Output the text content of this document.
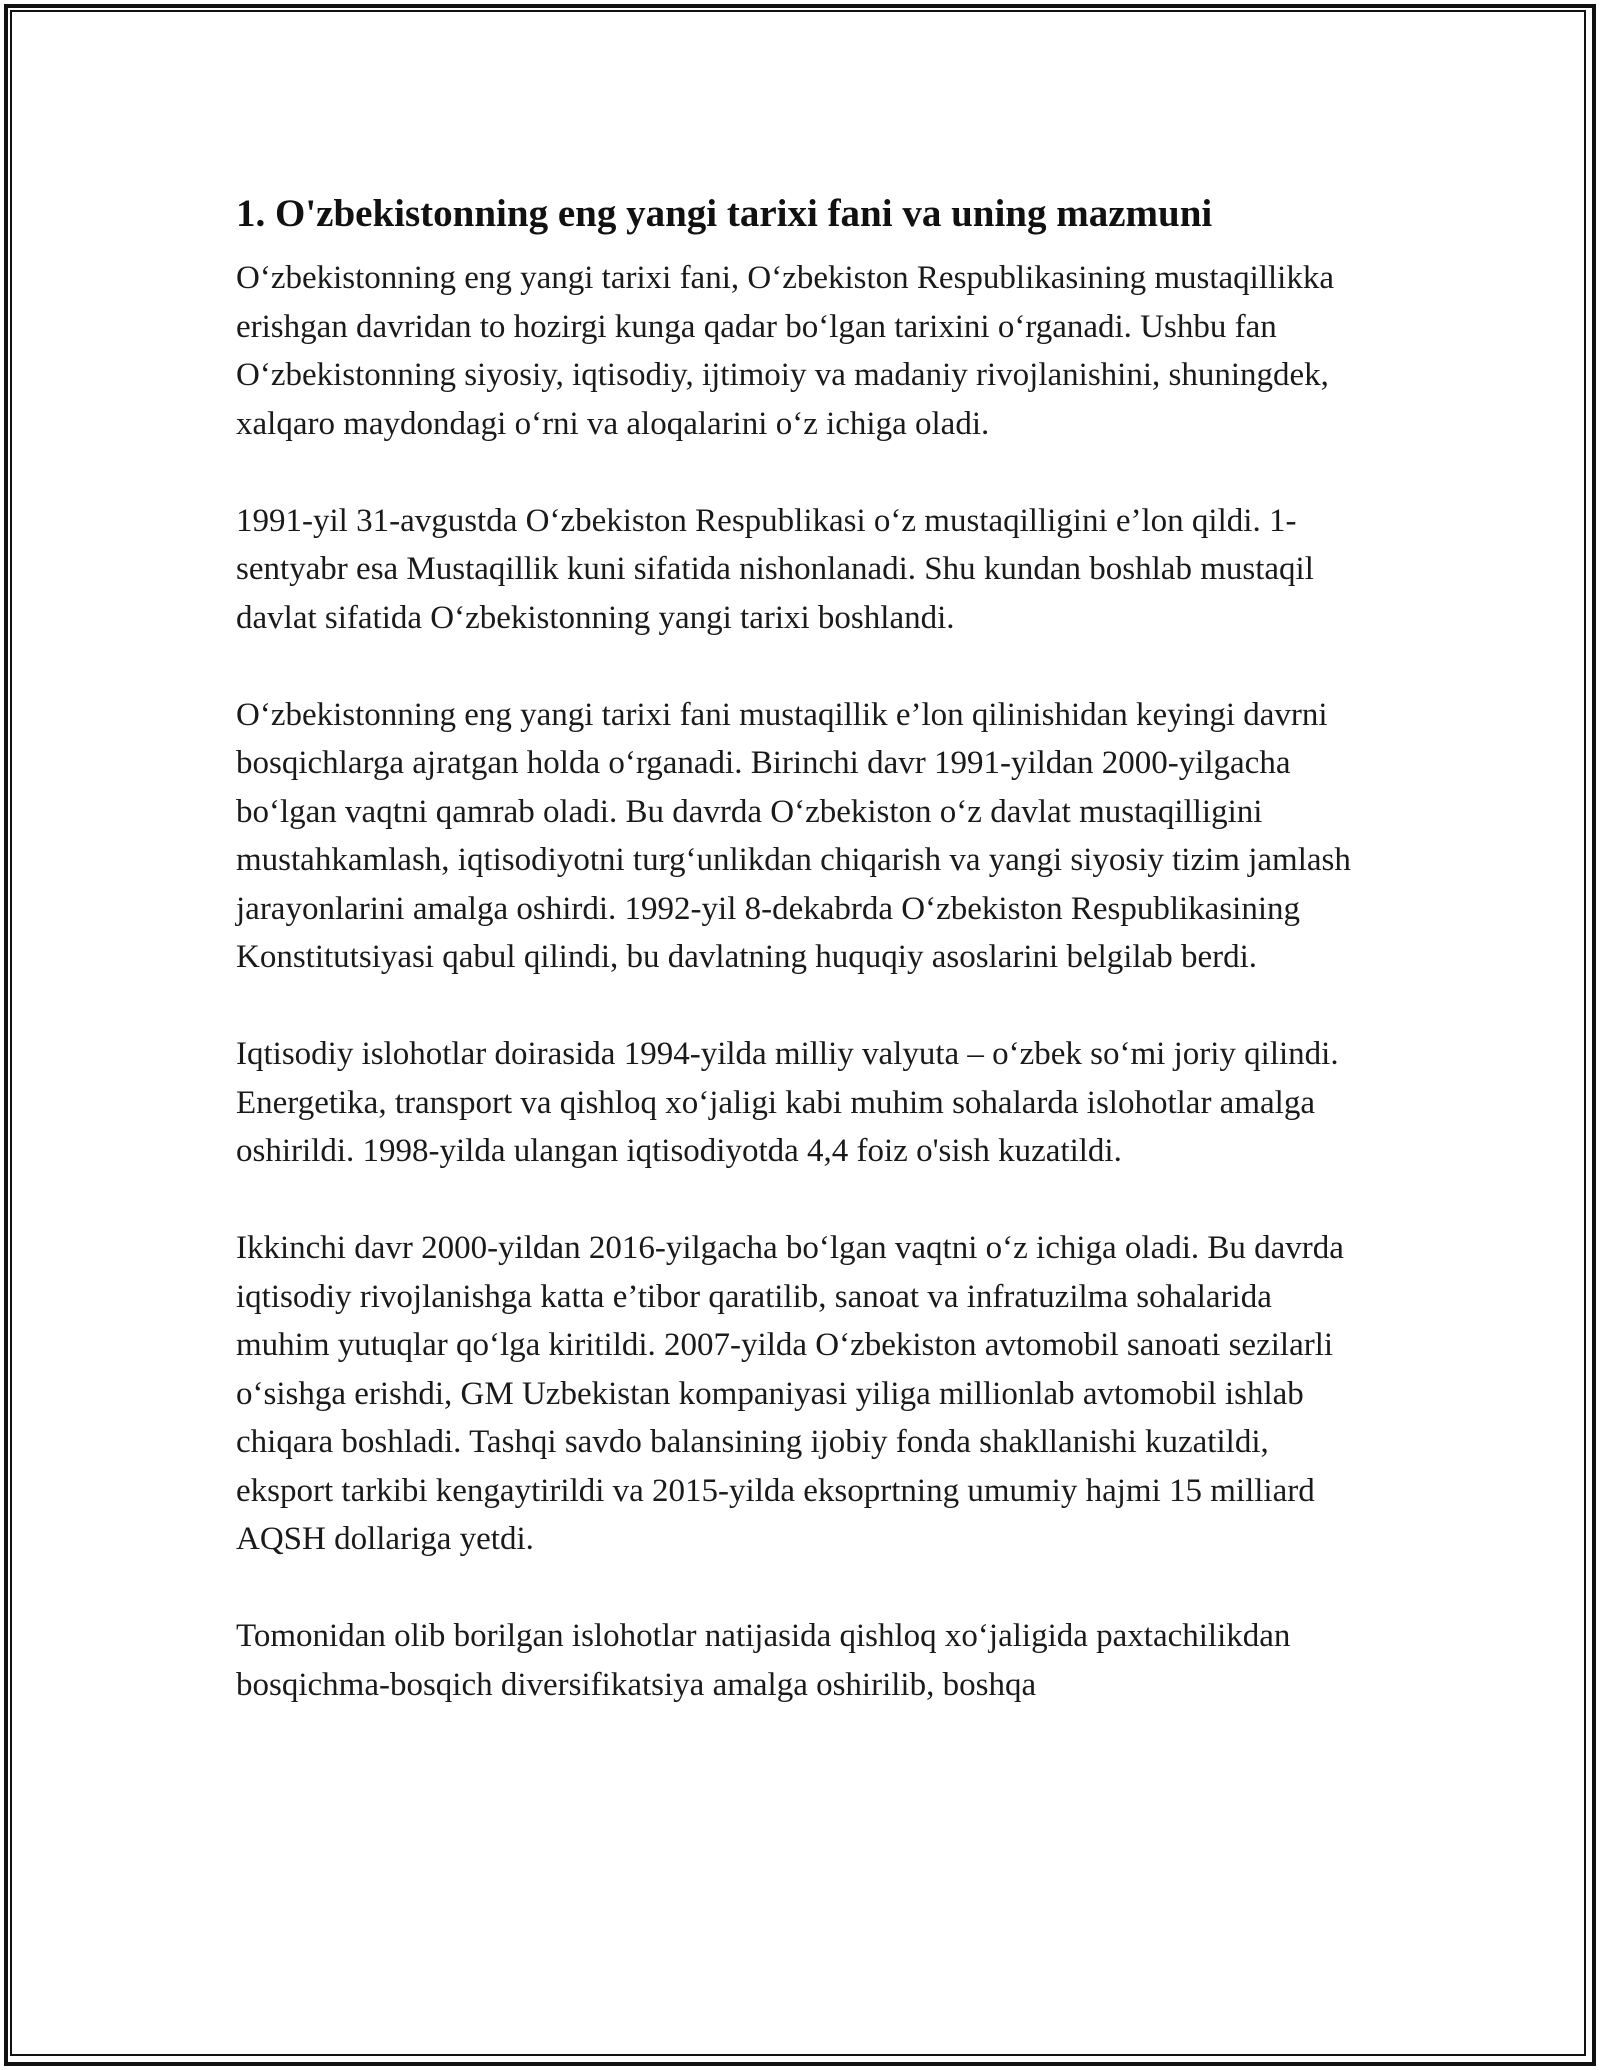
1. O'zbekistonning eng yangi tarixi fani va uning mazmuni

O‘zbekistonning eng yangi tarixi fani, O‘zbekiston Respublikasining mustaqillikka erishgan davridan to hozirgi kunga qadar bo‘lgan tarixini o‘rganadi. Ushbu fan O‘zbekistonning siyosiy, iqtisodiy, ijtimoiy va madaniy rivojlanishini, shuningdek, xalqaro maydondagi o‘rni va aloqalarini o‘z ichiga oladi.

1991-yil 31-avgustda O‘zbekiston Respublikasi o‘z mustaqilligini e’lon qildi. 1-sentyabr esa Mustaqillik kuni sifatida nishonlanadi. Shu kundan boshlab mustaqil davlat sifatida O‘zbekistonning yangi tarixi boshlandi.

O‘zbekistonning eng yangi tarixi fani mustaqillik e’lon qilinishidan keyingi davrni bosqichlarga ajratgan holda o‘rganadi. Birinchi davr 1991-yildan 2000-yilgacha bo‘lgan vaqtni qamrab oladi. Bu davrda O‘zbekiston o‘z davlat mustaqilligini mustahkamlash, iqtisodiyotni turg‘unlikdan chiqarish va yangi siyosiy tizim jamlash jarayonlarini amalga oshirdi. 1992-yil 8-dekabrda O‘zbekiston Respublikasining Konstitutsiyasi qabul qilindi, bu davlatning huquqiy asoslarini belgilab berdi.

Iqtisodiy islohotlar doirasida 1994-yilda milliy valyuta – o‘zbek so‘mi joriy qilindi. Energetika, transport va qishloq xo‘jaligi kabi muhim sohalarda islohotlar amalga oshirildi. 1998-yilda ulangan iqtisodiyotda 4,4 foiz o'sish kuzatildi.

Ikkinchi davr 2000-yildan 2016-yilgacha bo‘lgan vaqtni o‘z ichiga oladi. Bu davrda iqtisodiy rivojlanishga katta e’tibor qaratilib, sanoat va infratuzilma sohalarida muhim yutuqlar qo‘lga kiritildi. 2007-yilda O‘zbekiston avtomobil sanoati sezilarli o‘sishga erishdi, GM Uzbekistan kompaniyasi yiliga millionlab avtomobil ishlab chiqara boshladi. Tashqi savdo balansining ijobiy fonda shakllanishi kuzatildi, eksport tarkibi kengaytirildi va 2015-yilda eksoprtning umumiy hajmi 15 milliard AQSH dollariga yetdi.

Tomonidan olib borilgan islohotlar natijasida qishloq xo‘jaligida paxtachilikdan bosqichma-bosqich diversifikatsiya amalga oshirilib, boshqa
